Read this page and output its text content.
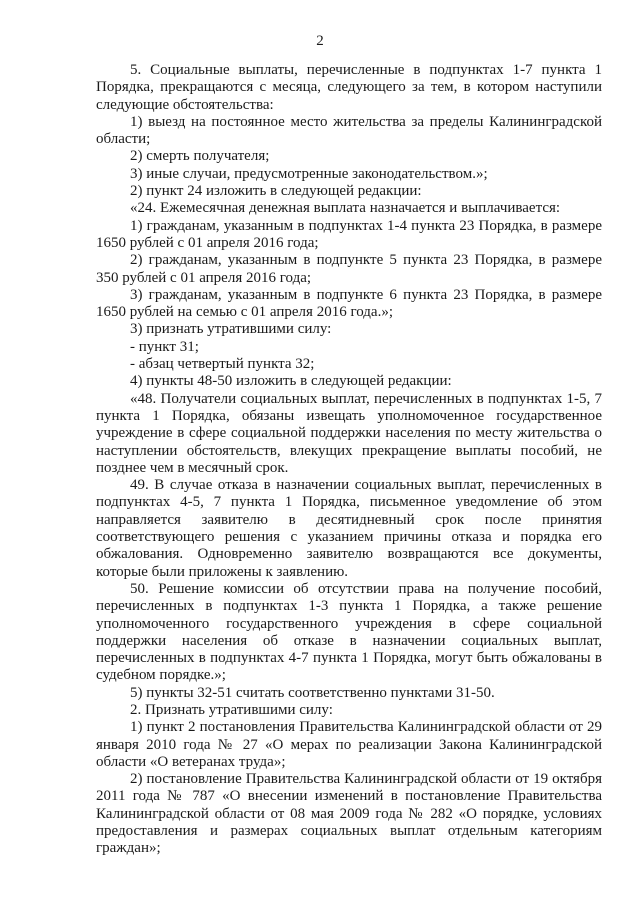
2

5. Социальные выплаты, перечисленные в подпунктах 1-7 пункта 1 Порядка, прекращаются с месяца, следующего за тем, в котором наступили следующие обстоятельства:

1) выезд на постоянное место жительства за пределы Калининградской области;

2) смерть получателя;

3) иные случаи, предусмотренные законодательством.»;

2) пункт 24 изложить в следующей редакции:

«24. Ежемесячная денежная выплата назначается и выплачивается:

1) гражданам, указанным в подпунктах 1-4 пункта 23 Порядка, в размере 1650 рублей с 01 апреля 2016 года;

2) гражданам, указанным в подпункте 5 пункта 23 Порядка, в размере 350 рублей с 01 апреля 2016 года;

3) гражданам, указанным в подпункте 6 пункта 23 Порядка, в размере 1650 рублей на семью с 01 апреля 2016 года.»;

3) признать утратившими силу:

- пункт 31;

- абзац четвертый пункта 32;

4) пункты 48-50 изложить в следующей редакции:

«48. Получатели социальных выплат, перечисленных в подпунктах 1-5, 7 пункта 1 Порядка, обязаны извещать уполномоченное государственное учреждение в сфере социальной поддержки населения по месту жительства о наступлении обстоятельств, влекущих прекращение выплаты пособий, не позднее чем в месячный срок.

49. В случае отказа в назначении социальных выплат, перечисленных в подпунктах 4-5, 7 пункта 1 Порядка, письменное уведомление об этом направляется заявителю в десятидневный срок после принятия соответствующего решения с указанием причины отказа и порядка его обжалования. Одновременно заявителю возвращаются все документы, которые были приложены к заявлению.

50. Решение комиссии об отсутствии права на получение пособий, перечисленных в подпунктах 1-3 пункта 1 Порядка, а также решение уполномоченного государственного учреждения в сфере социальной поддержки населения об отказе в назначении социальных выплат, перечисленных в подпунктах 4-7 пункта 1 Порядка, могут быть обжалованы в судебном порядке.»;

5) пункты 32-51 считать соответственно пунктами 31-50.

2. Признать утратившими силу:

1) пункт 2 постановления Правительства Калининградской области от 29 января 2010 года № 27 «О мерах по реализации Закона Калининградской области «О ветеранах труда»;

2) постановление Правительства Калининградской области от 19 октября 2011 года № 787 «О внесении изменений в постановление Правительства Калининградской области от 08 мая 2009 года № 282 «О порядке, условиях предоставления и размерах социальных выплат отдельным категориям граждан»;
